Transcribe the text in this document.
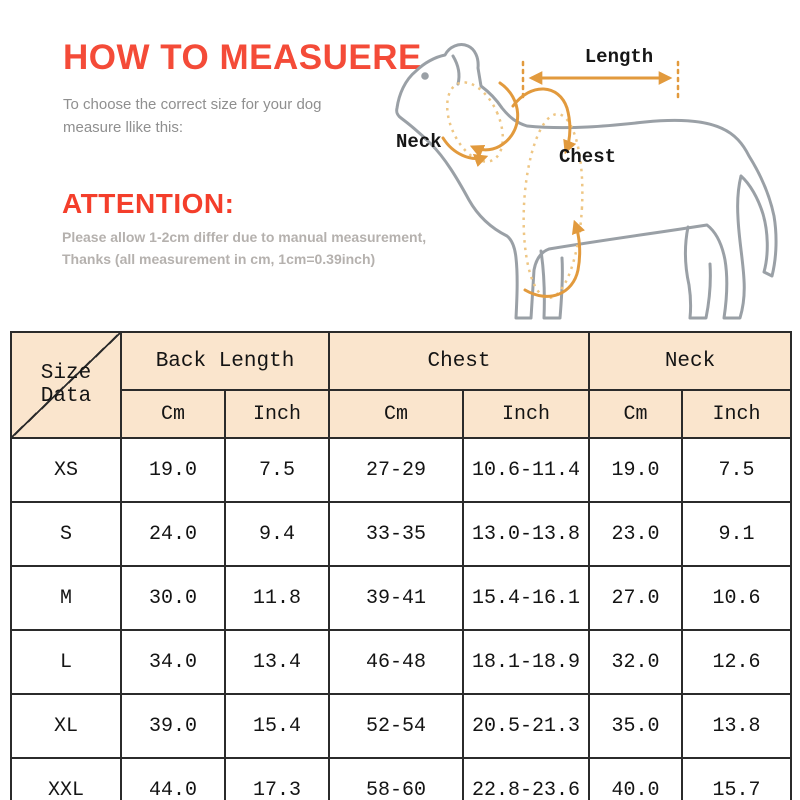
HOW TO MEASUERE

To choose the correct size for your dog
measure llike this:

ATTENTION:

Please allow 1-2cm differ due to manual measurement,
Thanks (all measurement in cm, 1cm=0.39inch)

Length
Neck
Chest
Size Data	Back Length		Chest		Neck	
	Cm	Inch	Cm	Inch	Cm	Inch
XS	19.0	7.5	27-29	10.6-11.4	19.0	7.5
S	24.0	9.4	33-35	13.0-13.8	23.0	9.1
M	30.0	11.8	39-41	15.4-16.1	27.0	10.6
L	34.0	13.4	46-48	18.1-18.9	32.0	12.6
XL	39.0	15.4	52-54	20.5-21.3	35.0	13.8
XXL	44.0	17.3	58-60	22.8-23.6	40.0	15.7
